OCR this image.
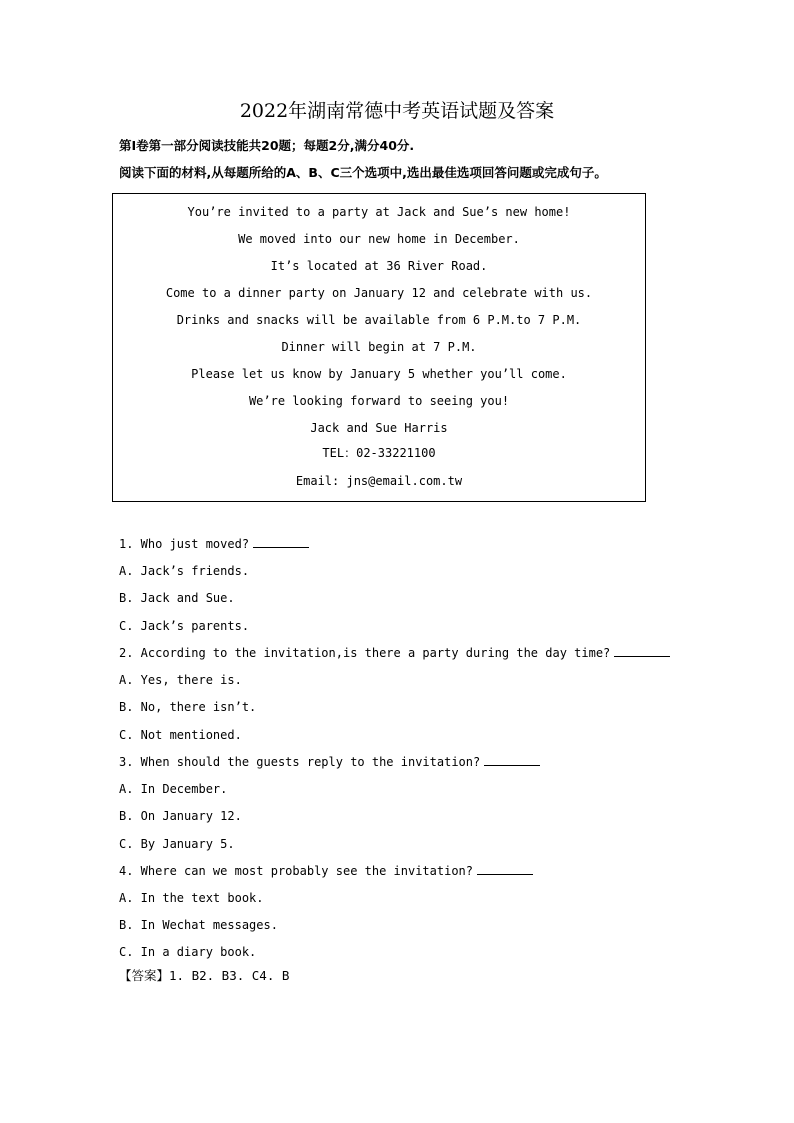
2022年湖南常德中考英语试题及答案
第Ⅰ卷第一部分阅读技能共20题；每题2分,满分40分.
阅读下面的材料,从每题所给的A、B、C三个选项中,选出最佳选项回答问题或完成句子。
You’re invited to a party at Jack and Sue’s new home!
We moved into our new home in December.
It’s located at 36 River Road.
Come to a dinner party on January 12 and celebrate with us.
Drinks and snacks will be available from 6 P.M.to 7 P.M.
Dinner will begin at 7 P.M.
Please let us know by January 5 whether you’ll come.
We’re looking forward to seeing you!
Jack and Sue Harris
TEL：02-33221100
Email: jns@email.com.tw
1. Who just moved?
A. Jack’s friends.
B. Jack and Sue.
C. Jack’s parents.
2. According to the invitation,is there a party during the day time?
A. Yes, there is.
B. No, there isn’t.
C. Not mentioned.
3. When should the guests reply to the invitation?
A. In December.
B. On January 12.
C. By January 5.
4. Where can we most probably see the invitation?
A. In the text book.
B. In Wechat messages.
C. In a diary book.
【答案】1. B2. B3. C4. B
